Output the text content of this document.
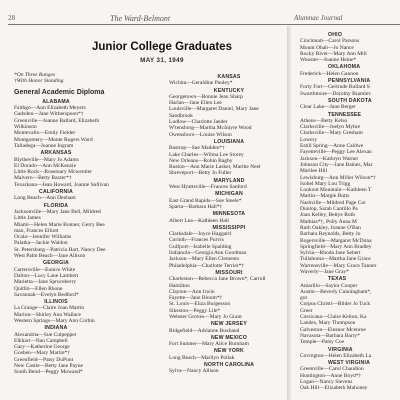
28	The Ward-Belmont	Alumnae Journal
Junior College Graduates
MAY 31, 1949
*On Three Ranges
†With Honor Standing
General Academic Diploma
ALABAMA
Faithgo—Ann Elizabeth Meyers
Gadsden—Jane Witherspoon*†
Greenville—Joanne Ballard, Elizabeth
Wilkinson
Montevallo—Emily Fielder
Montgomery—Monte Rogers Ward
Talladega—Joanne Ingram
ARKANSAS
Blytheville—Mary Jo Adams
El Dorado—Ann McKenzie
Little Rock—Rosemary Mcwentier
Malvern—Betty Baxter*†
Texarkana—Jean Howard, Joanne Sullivan
CALIFORNIA
Long Beach—Ann Denham
FLORIDA
Jacksonville—Mary Jane Bell, Mildred
Little James
Miami—Helen Marie Bonner, Gerry Bee
man, Frances Elliott
Ocala—Jennifer Williams
Palatka—Jackie Waldon
St. Petersburg—Patricia Hart, Nancy Dee
West Palm Beach—Jane Allison
GEORGIA
Cartersville—Eunice White
Dalton—Lucy Lane Lambert
Marietta—Jane Spruceberry
Quitlin—Ellen Rhone
Savannah—Evelyn Bedford*
ILLINOIS
La Grange—Claire Joan Martin
Marion—Shirley Ann Wallace
Western Springs—Mary Ann Corbin
INDIANA
Alexandria—Sue Culpepper
Elkhart—Nan Campbell
Gary—Katherine George
Goshen—Mary Martin*†
Greenfield—Patsy DuPont
New Castle—Betty Jane Payne
South Bend—Peggy Mowand*
KANSAS
Wichita—Geraldine Pauley*
KENTUCKY
Georgetown—Bonnie Jean Sharp
Harlan—Jane Ellen Lee
Louisville—Margaret Daniel, Mary Jane
Sandbrook
Ludlow—Charlotte Jaeder
W'tensborg—Martha McIntyre Wood
Owensboro—Louise Wilson
LOUISIANA
Bastrop—Sue Madden*†
Lake Charles—Wilma Lee Storey
New Orleans—Robin Bagby
Ruston—Ann Marie Lasker, Marthe Neel
Shreveport—Betty Jo Fuller
MARYLAND
West Hyattsville—Frances Sanford
MICHIGAN
East Grand Rapids—Sue Steele*
Sparta—Barbara Hall*†
MINNESOTA
Albert Lea—Kathleen Hall
MISSISSIPPI
Clarksdale—Joyce Haggard
Corinth—Frances Purvis
Gulfport—Isabelle Spalding
Indianola—Georgia Ann Goodman
Jackson—Mary Ellen Clements
Philadelphia—Charlotte Terrier*†
MISSOURI
Charleston—Rebecca Jane Brown*, Carroll
Hamilton
Clayton—Ann Irwin
Fayette—Jane Bloom*†
St. Louis—Eliza Burgesson
Sikeston—Peggy Lile*
Webster Groves—Mary Jo Grant
NEW JERSEY
Ridgefield—Adrianne Buxbaud
NEW MEXICO
Fort Sumner—Mary Alice Burnham
NEW YORK
Long Beach—Marilyn Pollak
NORTH CAROLINA
Sylva—Nancy Allison
OHIO
Cincinnati—Carol Parsons
Mount Ohab—Jo Nance
Rocky River—Mary Ann Mill
Wooster—Joanne Heine*
OKLAHOMA
Frederick—Helen Gannon
PENNSYLVANIA
Forty Fort—Gertrude Bullard S
Swarthmore—Dorothy Bramlev
SOUTH DAKOTA
Clear Lake—Jane Berger
TENNESSEE
Athens—Betty Kelso
Clarksville—Joelyn Myhre
Clarksville—Mary Gresham
Lowery
Estill Spring—Anne Caldwe
Fayetteville—Peggy Lee Alexan
Jackson—Kathryn Warner
Johnson City—Jane Baines, Mar
Marilee Hill
Lewisburg—Ann Miller Wilson*†
Isobel Mary Lou Trigg
Lookout Mountain—Kathleen T
Martin—Margie Butts
Nashville—Mildred Page Cor
Dunlop, Sarah Cantillo Pa
Joan Kelley, Bettye Ruth
Mathias*†, Polly Anna M
Ruth Oakley, Joanne O'Ban
Barbara Reynolds, Betty Jo
Rogersville—Margaret McDona
Springfield—Mary Ann Bradley
Sylvia—Rhoda Jane Sebert
Tullahoma—Martha Jane Grace
Warrensville—Mary Grace Tanner
Waverly—Jane Gray*
TEXAS
Amarillo—Saylor Cooper
Austin—Beverly Cunningham*,
gor
Corpus Christi—Bilder Jo Tuck
Greer
Corsicana—Claire Kelton, Ka
Landes, Mary Thompson
Galveston—Eleanor Mcenroe
Navasota—Barbara Barry*
Temple—Patsy Coe
VIRGINIA
Covington—Helen Elizabeth La
WEST VIRGINIA
Greenville—Carol Chaudion
Huntington—Anne Boyd*†
Logan—Nancy Stevens
Oak Hill—Elizabeth Mahoney
